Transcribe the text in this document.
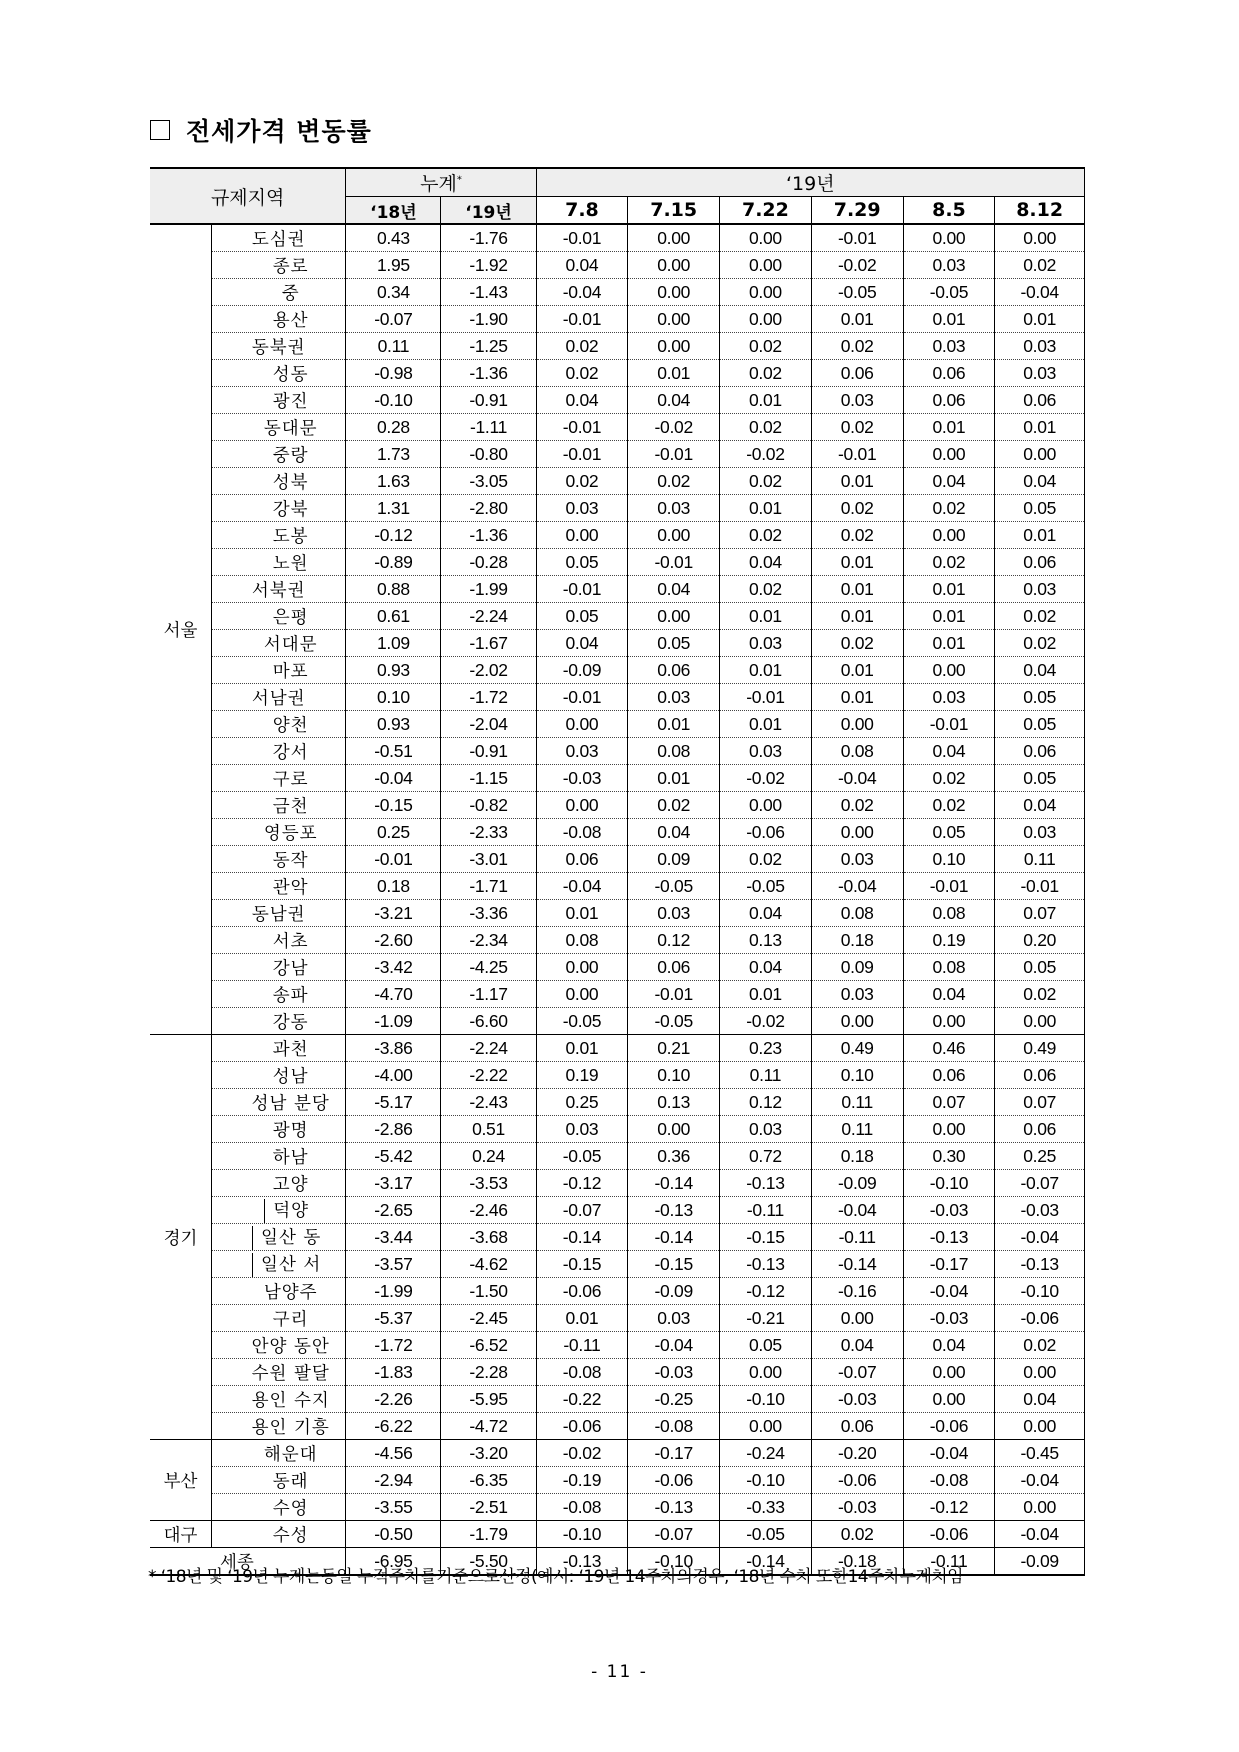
전세가격 변동률
규제지역		누계*		‘19년					
		‘18년	‘19년	7.8	7.15	7.22	7.29	8.5	8.12
서울	도심권	0.43	-1.76	-0.01	0.00	0.00	-0.01	0.00	0.00
	종로	1.95	-1.92	0.04	0.00	0.00	-0.02	0.03	0.02
	중	0.34	-1.43	-0.04	0.00	0.00	-0.05	-0.05	-0.04
	용산	-0.07	-1.90	-0.01	0.00	0.00	0.01	0.01	0.01
	동북권	0.11	-1.25	0.02	0.00	0.02	0.02	0.03	0.03
	성동	-0.98	-1.36	0.02	0.01	0.02	0.06	0.06	0.03
	광진	-0.10	-0.91	0.04	0.04	0.01	0.03	0.06	0.06
	동대문	0.28	-1.11	-0.01	-0.02	0.02	0.02	0.01	0.01
	중랑	1.73	-0.80	-0.01	-0.01	-0.02	-0.01	0.00	0.00
	성북	1.63	-3.05	0.02	0.02	0.02	0.01	0.04	0.04
	강북	1.31	-2.80	0.03	0.03	0.01	0.02	0.02	0.05
	도봉	-0.12	-1.36	0.00	0.00	0.02	0.02	0.00	0.01
	노원	-0.89	-0.28	0.05	-0.01	0.04	0.01	0.02	0.06
	서북권	0.88	-1.99	-0.01	0.04	0.02	0.01	0.01	0.03
	은평	0.61	-2.24	0.05	0.00	0.01	0.01	0.01	0.02
	서대문	1.09	-1.67	0.04	0.05	0.03	0.02	0.01	0.02
	마포	0.93	-2.02	-0.09	0.06	0.01	0.01	0.00	0.04
	서남권	0.10	-1.72	-0.01	0.03	-0.01	0.01	0.03	0.05
	양천	0.93	-2.04	0.00	0.01	0.01	0.00	-0.01	0.05
	강서	-0.51	-0.91	0.03	0.08	0.03	0.08	0.04	0.06
	구로	-0.04	-1.15	-0.03	0.01	-0.02	-0.04	0.02	0.05
	금천	-0.15	-0.82	0.00	0.02	0.00	0.02	0.02	0.04
	영등포	0.25	-2.33	-0.08	0.04	-0.06	0.00	0.05	0.03
	동작	-0.01	-3.01	0.06	0.09	0.02	0.03	0.10	0.11
	관악	0.18	-1.71	-0.04	-0.05	-0.05	-0.04	-0.01	-0.01
	동남권	-3.21	-3.36	0.01	0.03	0.04	0.08	0.08	0.07
	서초	-2.60	-2.34	0.08	0.12	0.13	0.18	0.19	0.20
	강남	-3.42	-4.25	0.00	0.06	0.04	0.09	0.08	0.05
	송파	-4.70	-1.17	0.00	-0.01	0.01	0.03	0.04	0.02
	강동	-1.09	-6.60	-0.05	-0.05	-0.02	0.00	0.00	0.00
경기	과천	-3.86	-2.24	0.01	0.21	0.23	0.49	0.46	0.49
	성남	-4.00	-2.22	0.19	0.10	0.11	0.10	0.06	0.06
	성남 분당	-5.17	-2.43	0.25	0.13	0.12	0.11	0.07	0.07
	광명	-2.86	0.51	0.03	0.00	0.03	0.11	0.00	0.06
	하남	-5.42	0.24	-0.05	0.36	0.72	0.18	0.30	0.25
	고양	-3.17	-3.53	-0.12	-0.14	-0.13	-0.09	-0.10	-0.07
	덕양	-2.65	-2.46	-0.07	-0.13	-0.11	-0.04	-0.03	-0.03
	일산 동	-3.44	-3.68	-0.14	-0.14	-0.15	-0.11	-0.13	-0.04
	일산 서	-3.57	-4.62	-0.15	-0.15	-0.13	-0.14	-0.17	-0.13
	남양주	-1.99	-1.50	-0.06	-0.09	-0.12	-0.16	-0.04	-0.10
	구리	-5.37	-2.45	0.01	0.03	-0.21	0.00	-0.03	-0.06
	안양 동안	-1.72	-6.52	-0.11	-0.04	0.05	0.04	0.04	0.02
	수원 팔달	-1.83	-2.28	-0.08	-0.03	0.00	-0.07	0.00	0.00
	용인 수지	-2.26	-5.95	-0.22	-0.25	-0.10	-0.03	0.00	0.04
	용인 기흥	-6.22	-4.72	-0.06	-0.08	0.00	0.06	-0.06	0.00
부산	해운대	-4.56	-3.20	-0.02	-0.17	-0.24	-0.20	-0.04	-0.45
	동래	-2.94	-6.35	-0.19	-0.06	-0.10	-0.06	-0.08	-0.04
	수영	-3.55	-2.51	-0.08	-0.13	-0.33	-0.03	-0.12	0.00
대구	수성	-0.50	-1.79	-0.10	-0.07	-0.05	0.02	-0.06	-0.04
세종		-6.95	-5.50	-0.13	-0.10	-0.14	-0.18	-0.11	-0.09
* ‘18년 및 ‘19년 누계는동일 누적주차를기준으로산정(예시: ‘19년 14주차의경우, ‘18년 수치 또한14주차누계치임
- 11 -
